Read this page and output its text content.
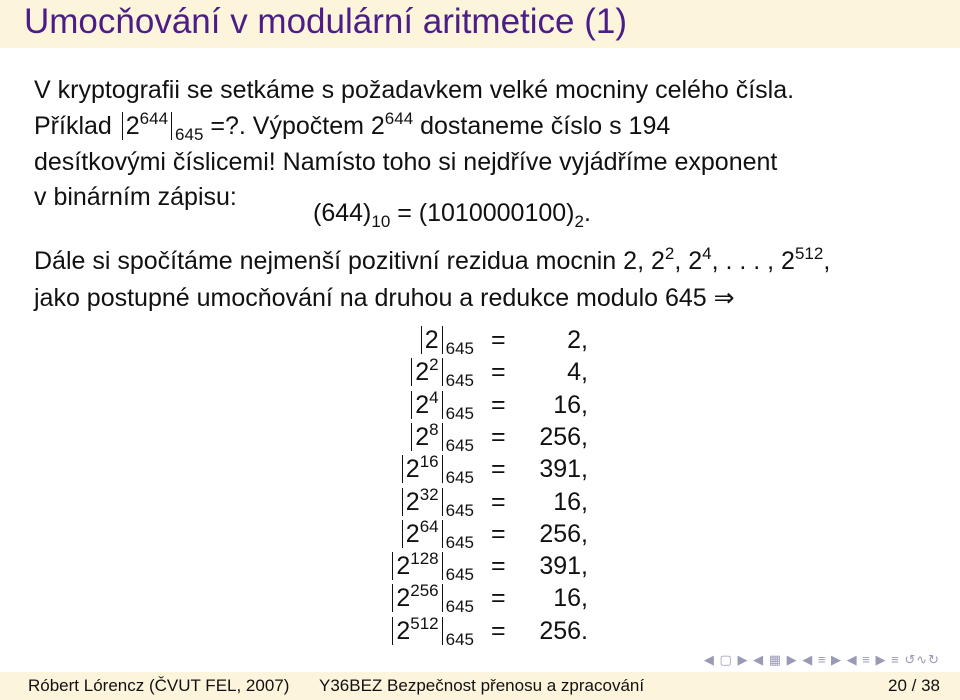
Umocňování v modulární aritmetice (1)
V kryptografii se setkáme s požadavkem velké mocniny celého čísla.
Příklad $2^{644}_{645}$ =?. Výpočtem $2^{644}$ dostaneme číslo s 194
desítkovými číslicemi! Namísto toho si nejdříve vyjádříme exponent
v binárním zápisu:
$(644)_{10} = (1010000100)_2$.
Dále si spočítáme nejmenší pozitivní rezidua mocnin 2, $2^2$, $2^4$, . . . , $2^{512}$,
jako postupné umocňování na druhou a redukce modulo 645 ⇒
2 $_{645}$ =	2,
$2^2_{645}$ =	4,
$2^4_{645}$ =	16,
$2^8_{645}$ =	256,
$2^{16}_{645}$ =	391,
$2^{32}_{645}$ =	16,
$2^{64}_{645}$ =	256,
$2^{128}_{645}$ =	391,
$2^{256}_{645}$ =	16,
$2^{512}_{645}$ =	256.
◀ ▢ ▶ ◀ ▦ ▶ ◀ ≡ ▶ ◀ ≡ ▶ ≡ ↺∿↻
Róbert Lórencz (ČVUT FEL, 2007) Y36BEZ Bezpečnost přenosu a zpracování	20 / 38
